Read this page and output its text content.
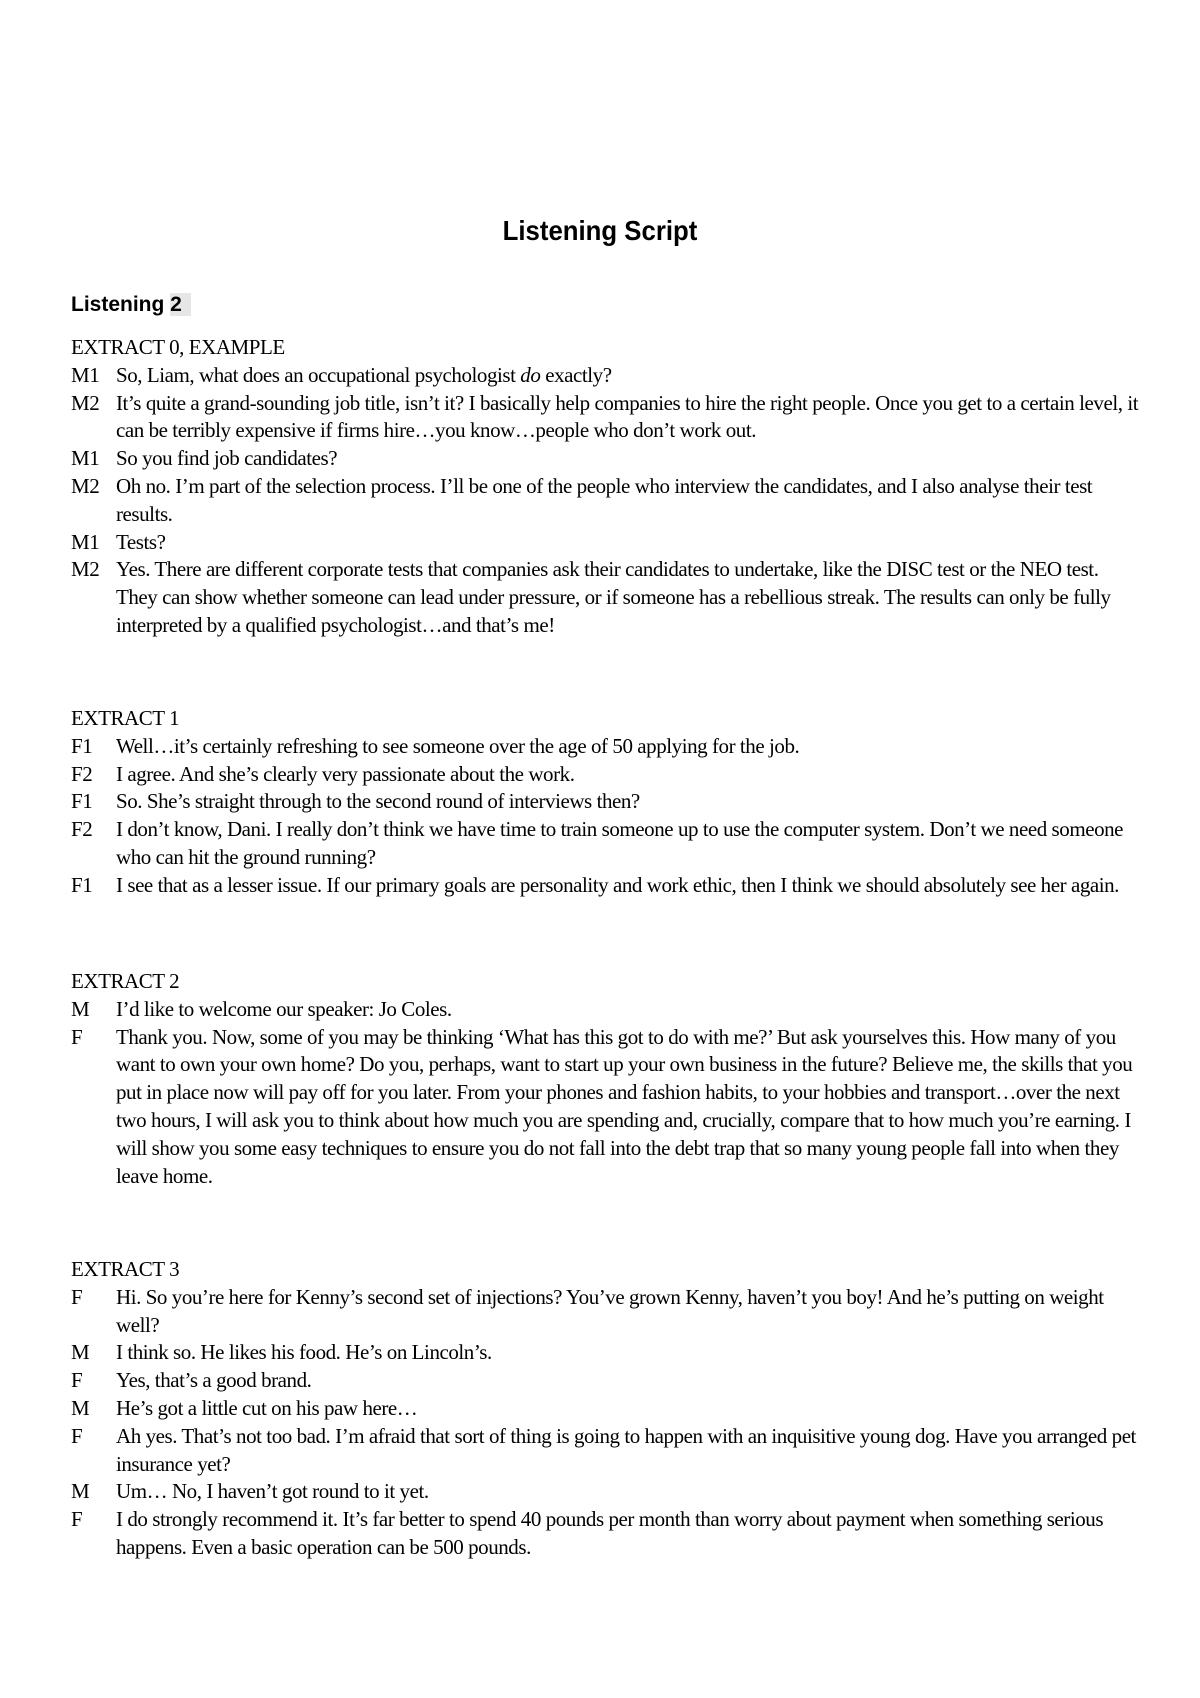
Listening Script
Listening 2
EXTRACT 0, EXAMPLE
M1 So, Liam, what does an occupational psychologist do exactly?
M2 It’s quite a grand-sounding job title, isn’t it? I basically help companies to hire the right people. Once you get to a certain level, it can be terribly expensive if firms hire…you know…people who don’t work out.
M1 So you find job candidates?
M2 Oh no. I’m part of the selection process. I’ll be one of the people who interview the candidates, and I also analyse their test results.
M1 Tests?
M2 Yes. There are different corporate tests that companies ask their candidates to undertake, like the DISC test or the NEO test. They can show whether someone can lead under pressure, or if someone has a rebellious streak. The results can only be fully interpreted by a qualified psychologist…and that’s me!
EXTRACT 1
F1 Well…it’s certainly refreshing to see someone over the age of 50 applying for the job.
F2 I agree. And she’s clearly very passionate about the work.
F1 So. She’s straight through to the second round of interviews then?
F2 I don’t know, Dani. I really don’t think we have time to train someone up to use the computer system. Don’t we need someone who can hit the ground running?
F1 I see that as a lesser issue. If our primary goals are personality and work ethic, then I think we should absolutely see her again.
EXTRACT 2
M I’d like to welcome our speaker: Jo Coles.
F Thank you. Now, some of you may be thinking ‘What has this got to do with me?’ But ask yourselves this. How many of you want to own your own home? Do you, perhaps, want to start up your own business in the future? Believe me, the skills that you put in place now will pay off for you later. From your phones and fashion habits, to your hobbies and transport…over the next two hours, I will ask you to think about how much you are spending and, crucially, compare that to how much you’re earning. I will show you some easy techniques to ensure you do not fall into the debt trap that so many young people fall into when they leave home.
EXTRACT 3
F Hi. So you’re here for Kenny’s second set of injections? You’ve grown Kenny, haven’t you boy! And he’s putting on weight well?
M I think so. He likes his food. He’s on Lincoln’s.
F Yes, that’s a good brand.
M He’s got a little cut on his paw here…
F Ah yes. That’s not too bad. I’m afraid that sort of thing is going to happen with an inquisitive young dog. Have you arranged pet insurance yet?
M Um… No, I haven’t got round to it yet.
F I do strongly recommend it. It’s far better to spend 40 pounds per month than worry about payment when something serious happens. Even a basic operation can be 500 pounds.
